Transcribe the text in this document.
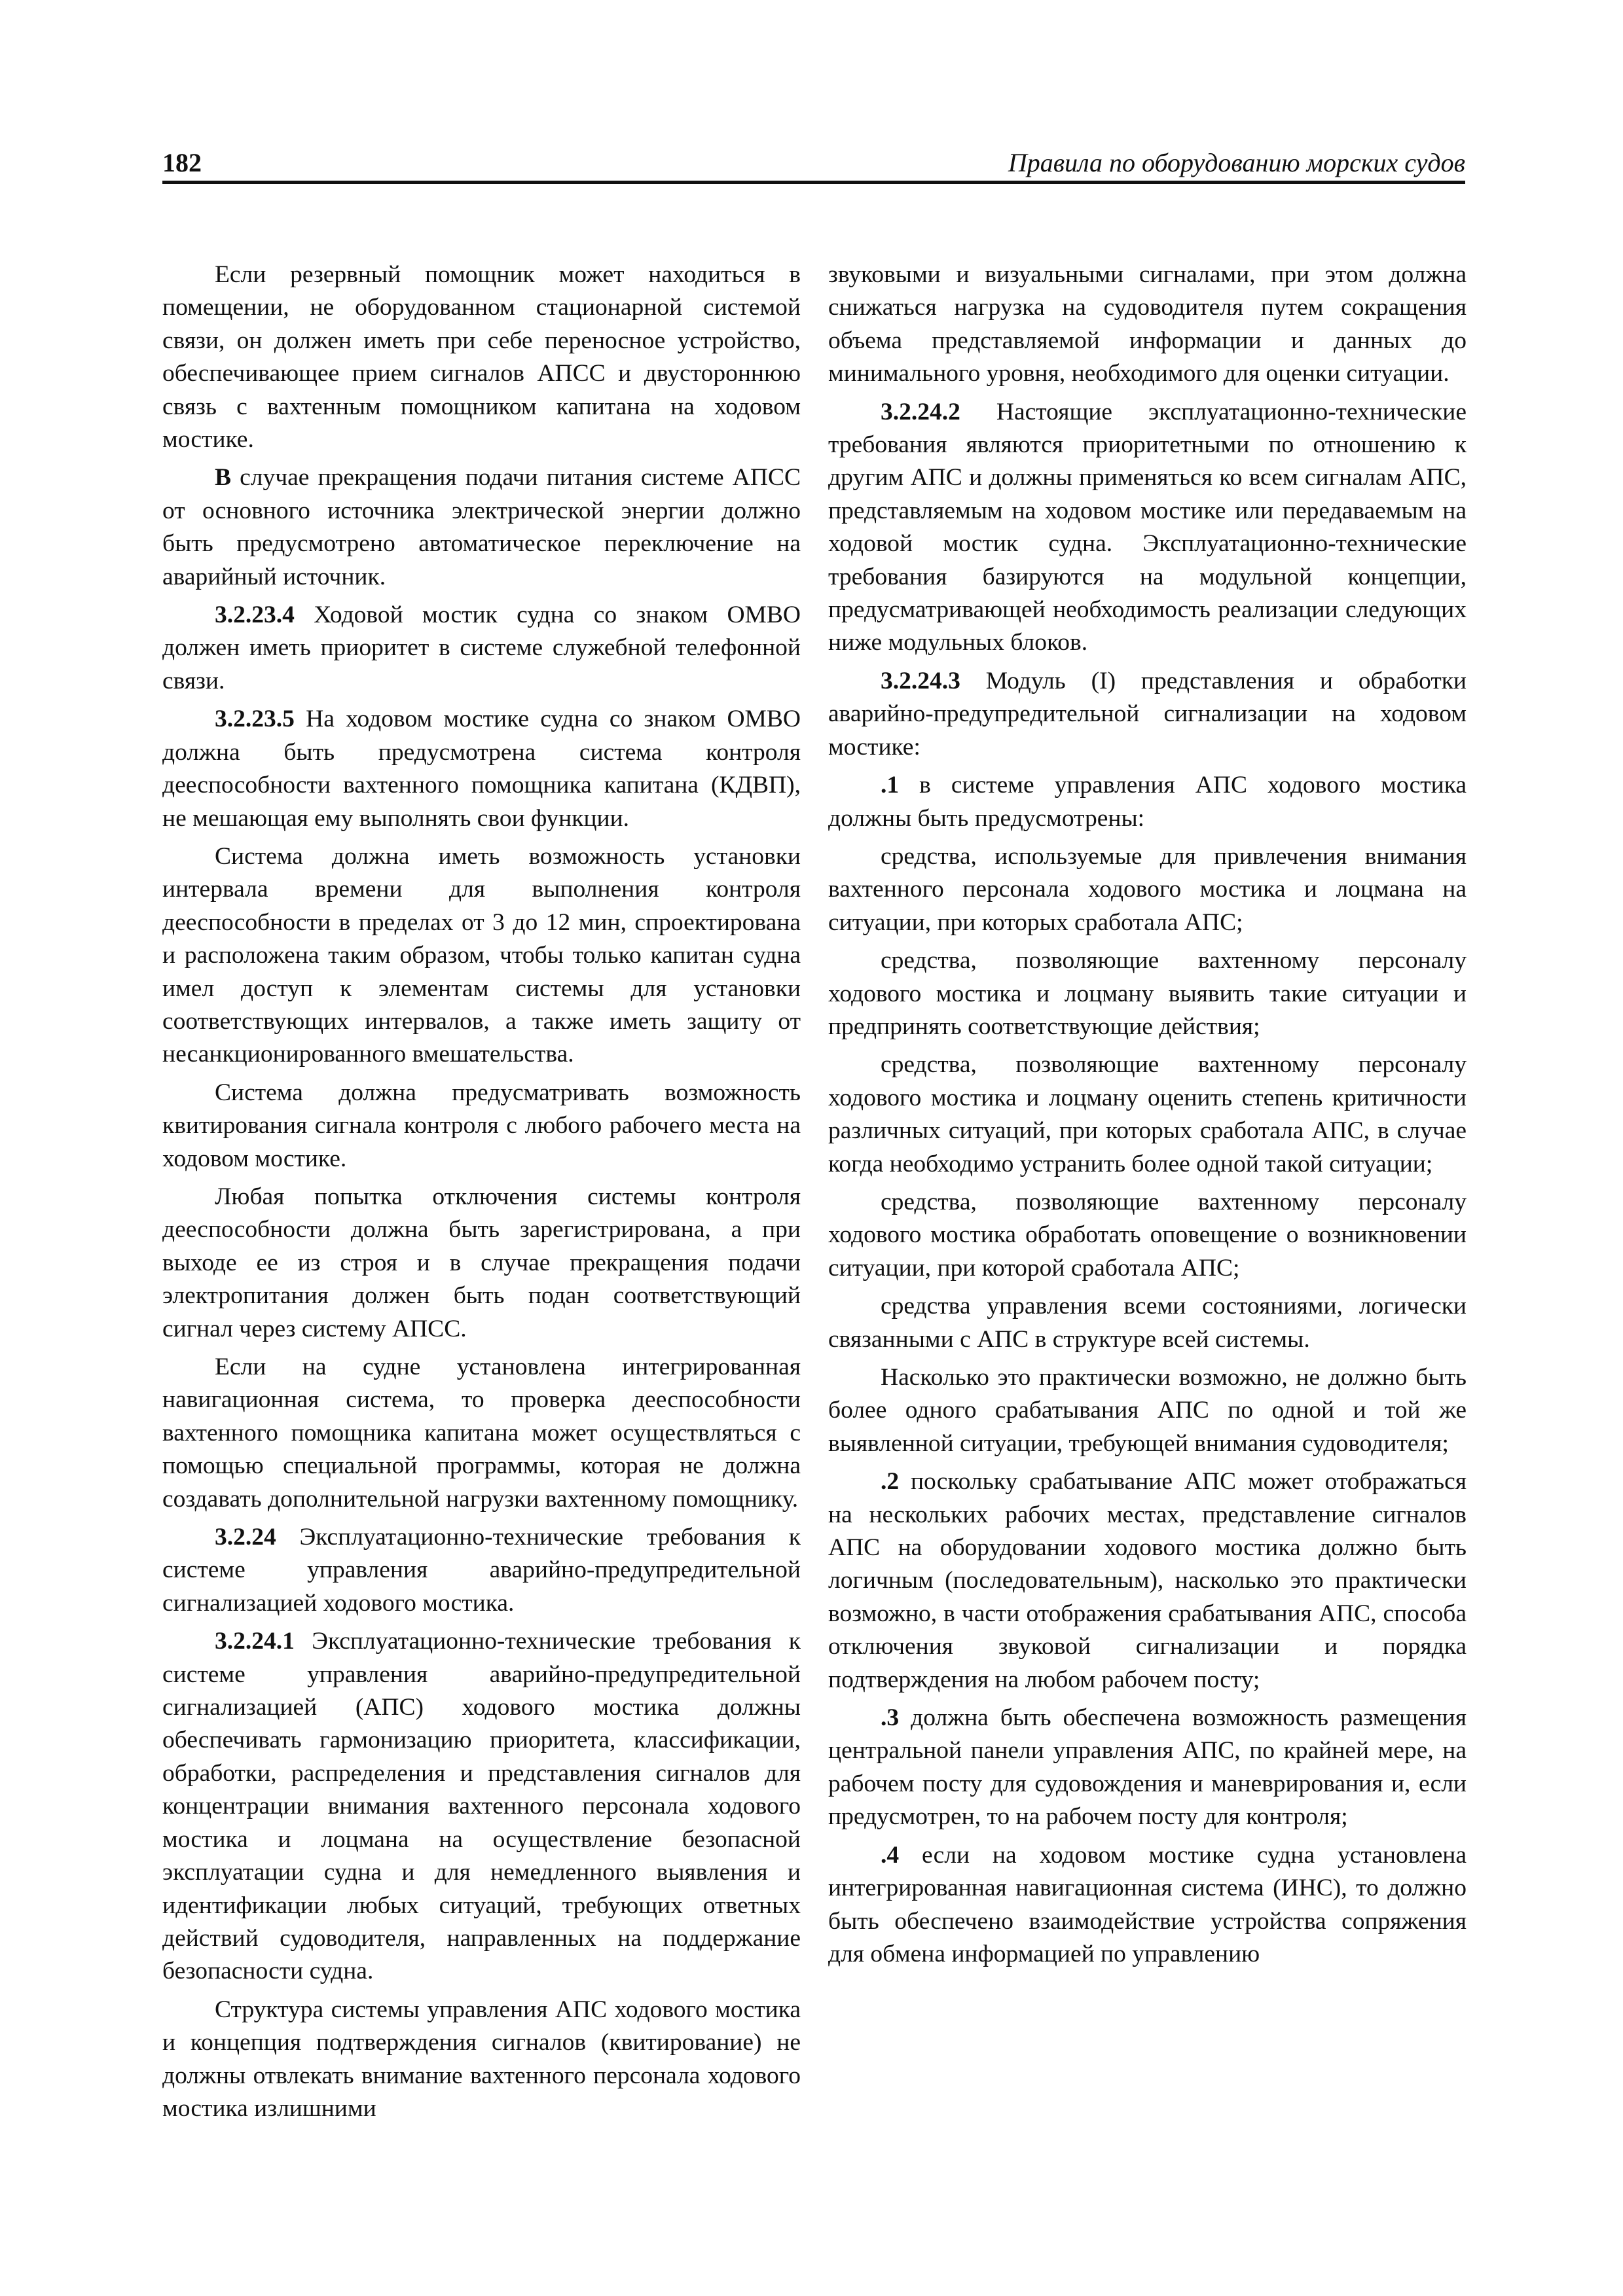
182	Правила по оборудованию морских судов

Если резервный помощник может находиться в помещении, не оборудованном стационарной системой связи, он должен иметь при себе переносное устройство, обеспечивающее прием сигналов АПСС и двустороннюю связь с вахтенным помощником капитана на ходовом мостике.

В случае прекращения подачи питания системе АПСС от основного источника электрической энергии должно быть предусмотрено автоматическое переключение на аварийный источник.

3.2.23.4 Ходовой мостик судна со знаком ОМВО должен иметь приоритет в системе служебной телефонной связи.

3.2.23.5 На ходовом мостике судна со знаком ОМВО должна быть предусмотрена система контроля дееспособности вахтенного помощника капитана (КДВП), не мешающая ему выполнять свои функции.

Система должна иметь возможность установки интервала времени для выполнения контроля дееспособности в пределах от 3 до 12 мин, спроектирована и расположена таким образом, чтобы только капитан судна имел доступ к элементам системы для установки соответствующих интервалов, а также иметь защиту от несанкционированного вмешательства.

Система должна предусматривать возможность квитирования сигнала контроля с любого рабочего места на ходовом мостике.

Любая попытка отключения системы контроля дееспособности должна быть зарегистрирована, а при выходе ее из строя и в случае прекращения подачи электропитания должен быть подан соответствующий сигнал через систему АПСС.

Если на судне установлена интегрированная навигационная система, то проверка дееспособности вахтенного помощника капитана может осуществляться с помощью специальной программы, которая не должна создавать дополнительной нагрузки вахтенному помощнику.

3.2.24 Эксплуатационно-технические требования к системе управления аварийно-предупредительной сигнализацией ходового мостика.

3.2.24.1 Эксплуатационно-технические требования к системе управления аварийно-предупредительной сигнализацией (АПС) ходового мостика должны обеспечивать гармонизацию приоритета, классификации, обработки, распределения и представления сигналов для концентрации внимания вахтенного персонала ходового мостика и лоцмана на осуществление безопасной эксплуатации судна и для немедленного выявления и идентификации любых ситуаций, требующих ответных действий судоводителя, направленных на поддержание безопасности судна.

Структура системы управления АПС ходового мостика и концепция подтверждения сигналов (квитирование) не должны отвлекать внимание вахтенного персонала ходового мостика излишними

звуковыми и визуальными сигналами, при этом должна снижаться нагрузка на судоводителя путем сокращения объема представляемой информации и данных до минимального уровня, необходимого для оценки ситуации.

3.2.24.2 Настоящие эксплуатационно-технические требования являются приоритетными по отношению к другим АПС и должны применяться ко всем сигналам АПС, представляемым на ходовом мостике или передаваемым на ходовой мостик судна. Эксплуатационно-технические требования базируются на модульной концепции, предусматривающей необходимость реализации следующих ниже модульных блоков.

3.2.24.3 Модуль (I) представления и обработки аварийно-предупредительной сигнализации на ходовом мостике:

.1 в системе управления АПС ходового мостика должны быть предусмотрены:

средства, используемые для привлечения внимания вахтенного персонала ходового мостика и лоцмана на ситуации, при которых сработала АПС;

средства, позволяющие вахтенному персоналу ходового мостика и лоцману выявить такие ситуации и предпринять соответствующие действия;

средства, позволяющие вахтенному персоналу ходового мостика и лоцману оценить степень критичности различных ситуаций, при которых сработала АПС, в случае когда необходимо устранить более одной такой ситуации;

средства, позволяющие вахтенному персоналу ходового мостика обработать оповещение о возникновении ситуации, при которой сработала АПС;

средства управления всеми состояниями, логически связанными с АПС в структуре всей системы.

Насколько это практически возможно, не должно быть более одного срабатывания АПС по одной и той же выявленной ситуации, требующей внимания судоводителя;

.2 поскольку срабатывание АПС может отображаться на нескольких рабочих местах, представление сигналов АПС на оборудовании ходового мостика должно быть логичным (последовательным), насколько это практически возможно, в части отображения срабатывания АПС, способа отключения звуковой сигнализации и порядка подтверждения на любом рабочем посту;

.3 должна быть обеспечена возможность размещения центральной панели управления АПС, по крайней мере, на рабочем посту для судовождения и маневрирования и, если предусмотрен, то на рабочем посту для контроля;

.4 если на ходовом мостике судна установлена интегрированная навигационная система (ИНС), то должно быть обеспечено взаимодействие устройства сопряжения для обмена информацией по управлению
